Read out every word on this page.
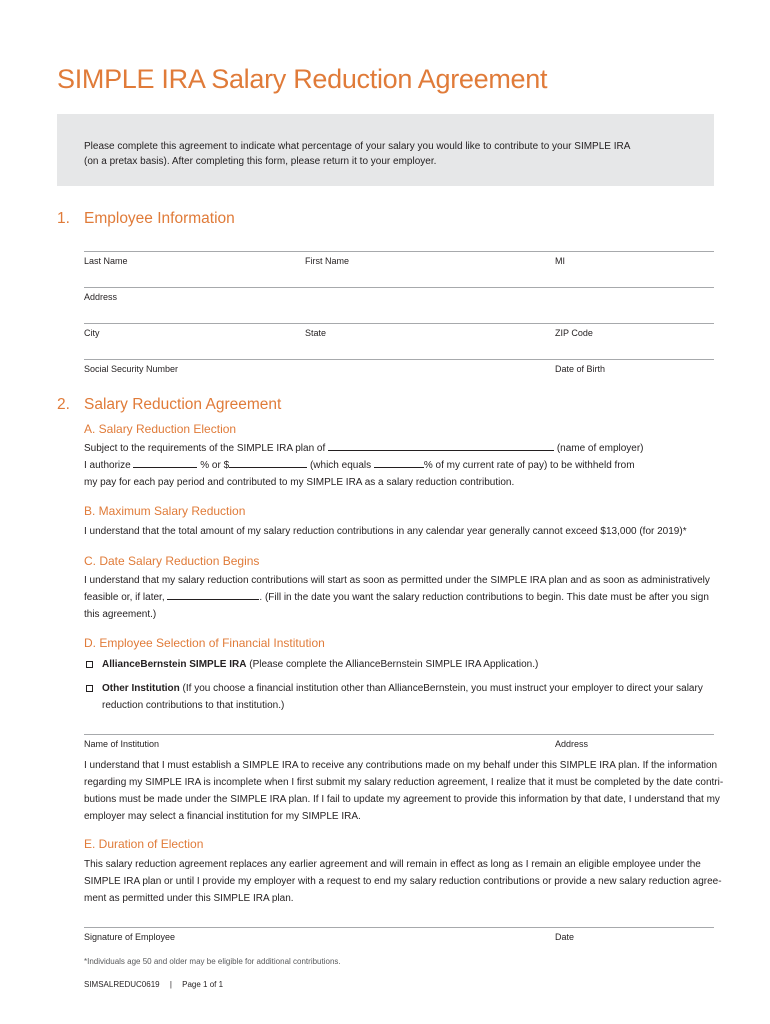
SIMPLE IRA Salary Reduction Agreement
Please complete this agreement to indicate what percentage of your salary you would like to contribute to your SIMPLE IRA
(on a pretax basis). After completing this form, please return it to your employer.
1. Employee Information
Last Name	First Name	MI
Address
City	State	ZIP Code
Social Security Number	Date of Birth
2. Salary Reduction Agreement
A. Salary Reduction Election
Subject to the requirements of the SIMPLE IRA plan of	(name of employer)
I authorize	% or $	(which equals	% of my current rate of pay) to be withheld from
my pay for each pay period and contributed to my SIMPLE IRA as a salary reduction contribution.
B. Maximum Salary Reduction
I understand that the total amount of my salary reduction contributions in any calendar year generally cannot exceed $13,000 (for 2019)*
C. Date Salary Reduction Begins
I understand that my salary reduction contributions will start as soon as permitted under the SIMPLE IRA plan and as soon as administratively
feasible or, if later,	. (Fill in the date you want the salary reduction contributions to begin. This date must be after you sign
this agreement.)
D. Employee Selection of Financial Institution
AllianceBernstein SIMPLE IRA (Please complete the AllianceBernstein SIMPLE IRA Application.)
Other Institution (If you choose a financial institution other than AllianceBernstein, you must instruct your employer to direct your salary
reduction contributions to that institution.)
Name of Institution	Address
I understand that I must establish a SIMPLE IRA to receive any contributions made on my behalf under this SIMPLE IRA plan. If the information
regarding my SIMPLE IRA is incomplete when I first submit my salary reduction agreement, I realize that it must be completed by the date contri-
butions must be made under the SIMPLE IRA plan. If I fail to update my agreement to provide this information by that date, I understand that my
employer may select a financial institution for my SIMPLE IRA.
E. Duration of Election
This salary reduction agreement replaces any earlier agreement and will remain in effect as long as I remain an eligible employee under the
SIMPLE IRA plan or until I provide my employer with a request to end my salary reduction contributions or provide a new salary reduction agree-
ment as permitted under this SIMPLE IRA plan.
Signature of Employee	Date
*Individuals age 50 and older may be eligible for additional contributions.
SIMSALREDUC0619 | Page 1 of 1
